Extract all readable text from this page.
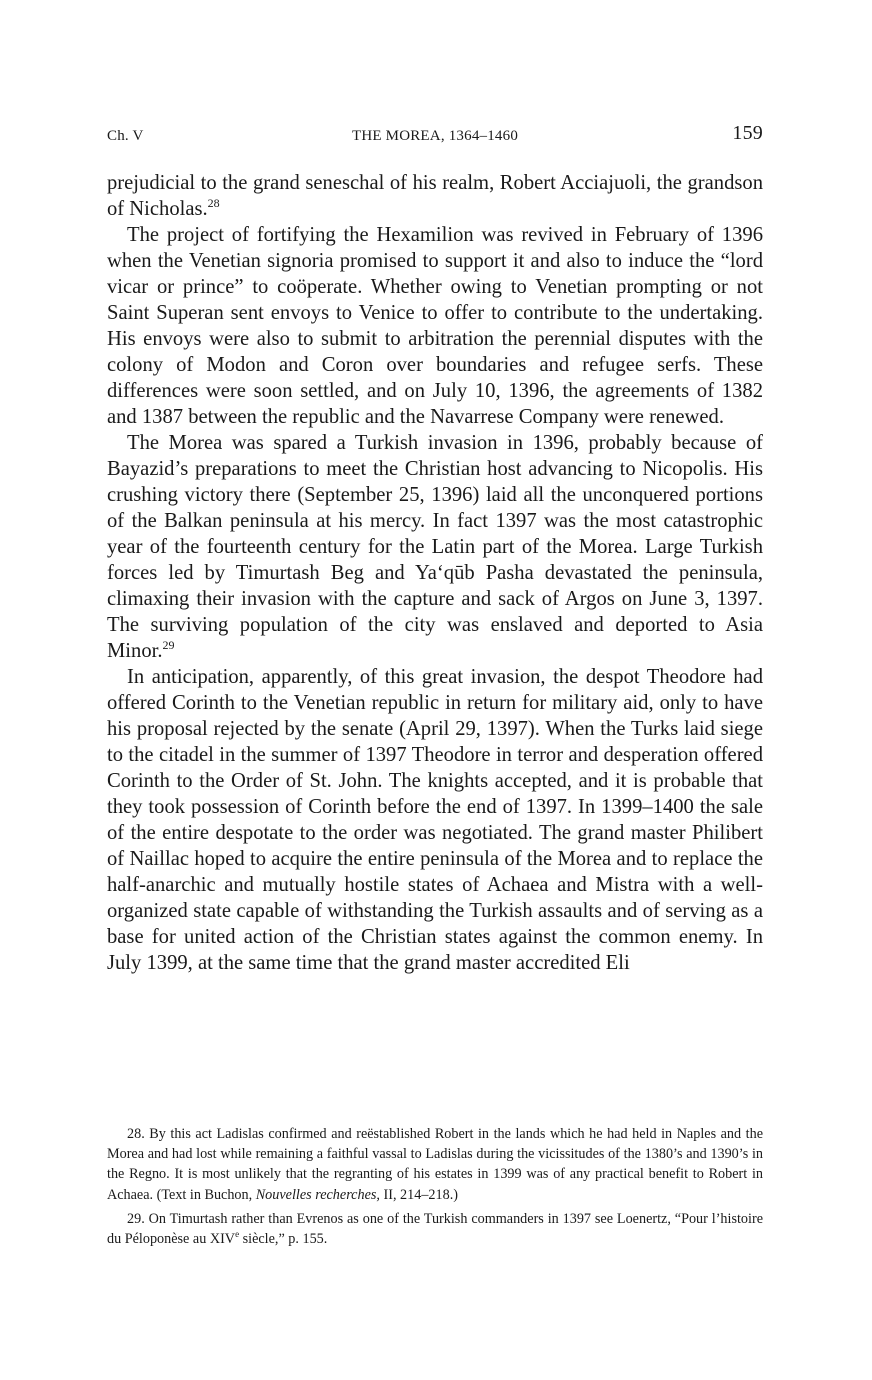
Ch. V	THE MOREA, 1364–1460	159

prejudicial to the grand seneschal of his realm, Robert Acciajuoli, the grandson of Nicholas.$^{28}$

The project of fortifying the Hexamilion was revived in February of 1396 when the Venetian signoria promised to support it and also to induce the “lord vicar or prince” to coöperate. Whether owing to Venetian prompting or not Saint Superan sent envoys to Venice to offer to contribute to the undertaking. His envoys were also to submit to arbitration the perennial disputes with the colony of Modon and Coron over boundaries and refugee serfs. These differences were soon settled, and on July 10, 1396, the agreements of 1382 and 1387 between the republic and the Navarrese Company were renewed.

The Morea was spared a Turkish invasion in 1396, probably because of Bayazid’s preparations to meet the Christian host advancing to Nicopolis. His crushing victory there (September 25, 1396) laid all the unconquered portions of the Balkan peninsula at his mercy. In fact 1397 was the most catastrophic year of the fourteenth century for the Latin part of the Morea. Large Turkish forces led by Timurtash Beg and Ya‘qūb Pasha devastated the peninsula, climaxing their invasion with the capture and sack of Argos on June 3, 1397. The surviving population of the city was enslaved and deported to Asia Minor.$^{29}$

In anticipation, apparently, of this great invasion, the despot Theodore had offered Corinth to the Venetian republic in return for military aid, only to have his proposal rejected by the senate (April 29, 1397). When the Turks laid siege to the citadel in the summer of 1397 Theodore in terror and desperation offered Corinth to the Order of St. John. The knights accepted, and it is probable that they took possession of Corinth before the end of 1397. In 1399–1400 the sale of the entire despotate to the order was negotiated. The grand master Philibert of Naillac hoped to acquire the entire peninsula of the Morea and to replace the half-anarchic and mutually hostile states of Achaea and Mistra with a well-organized state capable of withstanding the Turkish assaults and of serving as a base for united action of the Christian states against the common enemy. In July 1399, at the same time that the grand master accredited Eli

28. By this act Ladislas confirmed and reëstablished Robert in the lands which he had held in Naples and the Morea and had lost while remaining a faithful vassal to Ladislas during the vicissitudes of the 1380’s and 1390’s in the Regno. It is most unlikely that the regranting of his estates in 1399 was of any practical benefit to Robert in Achaea. (Text in Buchon, Nouvelles recherches, II, 214–218.)

29. On Timurtash rather than Evrenos as one of the Turkish commanders in 1397 see Loenertz, “Pour l’histoire du Péloponèse au XIVe siècle,” p. 155.
